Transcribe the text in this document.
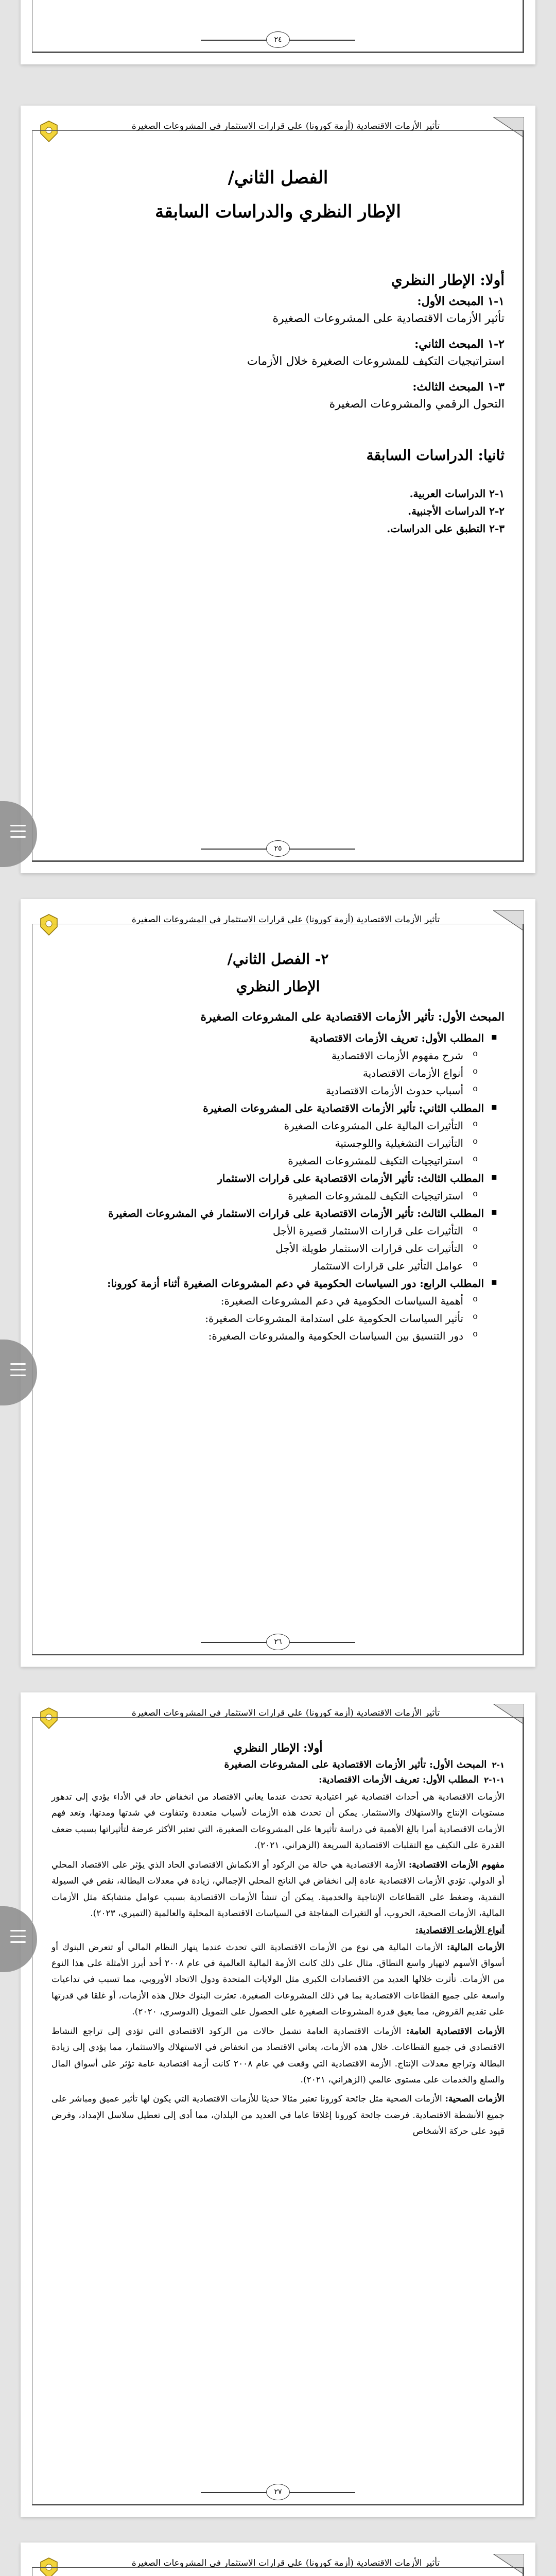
٢٤
تأثير الأزمات الاقتصادية (أزمة كورونا) على قرارات الاستثمار في المشروعات الصغيرة
الفصل الثاني/
الإطار النظري والدراسات السابقة
أولا: الإطار النظري
١-١ المبحث الأول:
تأثير الأزمات الاقتصادية على المشروعات الصغيرة
٢-١ المبحث الثاني:
استراتيجيات التكيف للمشروعات الصغيرة خلال الأزمات
٣-١ المبحث الثالث:
التحول الرقمي والمشروعات الصغيرة
ثانيا: الدراسات السابقة
١-٢ الدراسات العربية.
٢-٢ الدراسات الأجنبية.
٣-٢ التطبق على الدراسات.
٢٥
تأثير الأزمات الاقتصادية (أزمة كورونا) على قرارات الاستثمار في المشروعات الصغيرة
٢- الفصل الثاني/
الإطار النظري
المبحث الأول: تأثير الأزمات الاقتصادية على المشروعات الصغيرة
▪ المطلب الأول: تعريف الأزمات الاقتصادية
o شرح مفهوم الأزمات الاقتصادية
o أنواع الأزمات الاقتصادية
o أسباب حدوث الأزمات الاقتصادية
▪ المطلب الثاني: تأثير الأزمات الاقتصادية على المشروعات الصغيرة
o التأثيرات المالية على المشروعات الصغيرة
o التأثيرات التشغيلية واللوجستية
o استراتيجيات التكيف للمشروعات الصغيرة
▪ المطلب الثالث: تأثير الأزمات الاقتصادية على قرارات الاستثمار
o استراتيجيات التكيف للمشروعات الصغيرة
▪ المطلب الثالث: تأثير الأزمات الاقتصادية على قرارات الاستثمار في المشروعات الصغيرة
o التأثيرات على قرارات الاستثمار قصيرة الأجل
o التأثيرات على قرارات الاستثمار طويلة الأجل
o عوامل التأثير على قرارات الاستثمار
▪ المطلب الرابع: دور السياسات الحكومية في دعم المشروعات الصغيرة أثناء أزمة كورونا:
o أهمية السياسات الحكومية في دعم المشروعات الصغيرة:
o تأثير السياسات الحكومية على استدامة المشروعات الصغيرة:
o دور التنسيق بين السياسات الحكومية والمشروعات الصغيرة:
٢٦
تأثير الأزمات الاقتصادية (أزمة كورونا) على قرارات الاستثمار في المشروعات الصغيرة
أولا: الإطار النظري
١-٢المبحث الأول: تأثير الأزمات الاقتصادية على المشروعات الصغيرة
١-١-٢المطلب الأول: تعريف الأزمات الاقتصادية:

الأزمات الاقتصادية هي أحداث اقتصادية غير اعتيادية تحدث عندما يعاني الاقتصاد من انخفاض حاد في الأداء يؤدي إلى تدهور مستويات الإنتاج والاستهلاك والاستثمار. يمكن أن تحدث هذه الأزمات لأسباب متعددة وتتفاوت في شدتها ومدتها، وتعد فهم الأزمات الاقتصادية أمرا بالغ الأهمية في دراسة تأثيرها على المشروعات الصغيرة، التي تعتبر الأكثر عرضة لتأثيراتها بسبب ضعف القدرة على التكيف مع التقلبات الاقتصادية السريعة (الزهراني، ٢٠٢١).

مفهوم الأزمات الاقتصادية: الأزمة الاقتصادية هي حالة من الركود أو الانكماش الاقتصادي الحاد الذي يؤثر على الاقتصاد المحلي أو الدولي. تؤدي الأزمات الاقتصادية عادة إلى انخفاض في الناتج المحلي الإجمالي، زيادة في معدلات البطالة، نقص في السيولة النقدية، وضغط على القطاعات الإنتاجية والخدمية. يمكن أن تنشأ الأزمات الاقتصادية بسبب عوامل متشابكة مثل الأزمات المالية، الأزمات الصحية، الحروب، أو التغيرات المفاجئة في السياسات الاقتصادية المحلية والعالمية (التميري، ٢٠٢٣).

أنواع الأزمات الاقتصادية:

الأزمات المالية: الأزمات المالية هي نوع من الأزمات الاقتصادية التي تحدث عندما ينهار النظام المالي أو تتعرض البنوك أو أسواق الأسهم لانهيار واسع النطاق. مثال على ذلك كانت الأزمة المالية العالمية في عام ٢٠٠٨ أحد أبرز الأمثلة على هذا النوع من الأزمات. تأثرت خلالها العديد من الاقتصادات الكبرى مثل الولايات المتحدة ودول الاتحاد الأوروبي، مما تسبب في تداعيات واسعة على جميع القطاعات الاقتصادية بما في ذلك المشروعات الصغيرة. تعثرت البنوك خلال هذه الأزمات، أو غلقا في قدرتها على تقديم القروض، مما يعيق قدرة المشروعات الصغيرة على الحصول على التمويل (الدوسري، ٢٠٢٠).

الأزمات الاقتصادية العامة: الأزمات الاقتصادية العامة تشمل حالات من الركود الاقتصادي التي تؤدي إلى تراجع النشاط الاقتصادي في جميع القطاعات. خلال هذه الأزمات، يعاني الاقتصاد من انخفاض في الاستهلاك والاستثمار، مما يؤدي إلى زيادة البطالة وتراجع معدلات الإنتاج. الأزمة الاقتصادية التي وقعت في عام ٢٠٠٨ كانت أزمة اقتصادية عامة تؤثر على أسواق المال والسلع والخدمات على مستوى عالمي (الزهراني، ٢٠٢١).

الأزمات الصحية: الأزمات الصحية مثل جائحة كورونا تعتبر مثالا حديثا للأزمات الاقتصادية التي يكون لها تأثير عميق ومباشر على جميع الأنشطة الاقتصادية. فرضت جائحة كورونا إغلاقا عاما في العديد من البلدان، مما أدى إلى تعطيل سلاسل الإمداد، وفرض قيود على حركة الأشخاص

٢٧
تأثير الأزمات الاقتصادية (أزمة كورونا) على قرارات الاستثمار في المشروعات الصغيرة
